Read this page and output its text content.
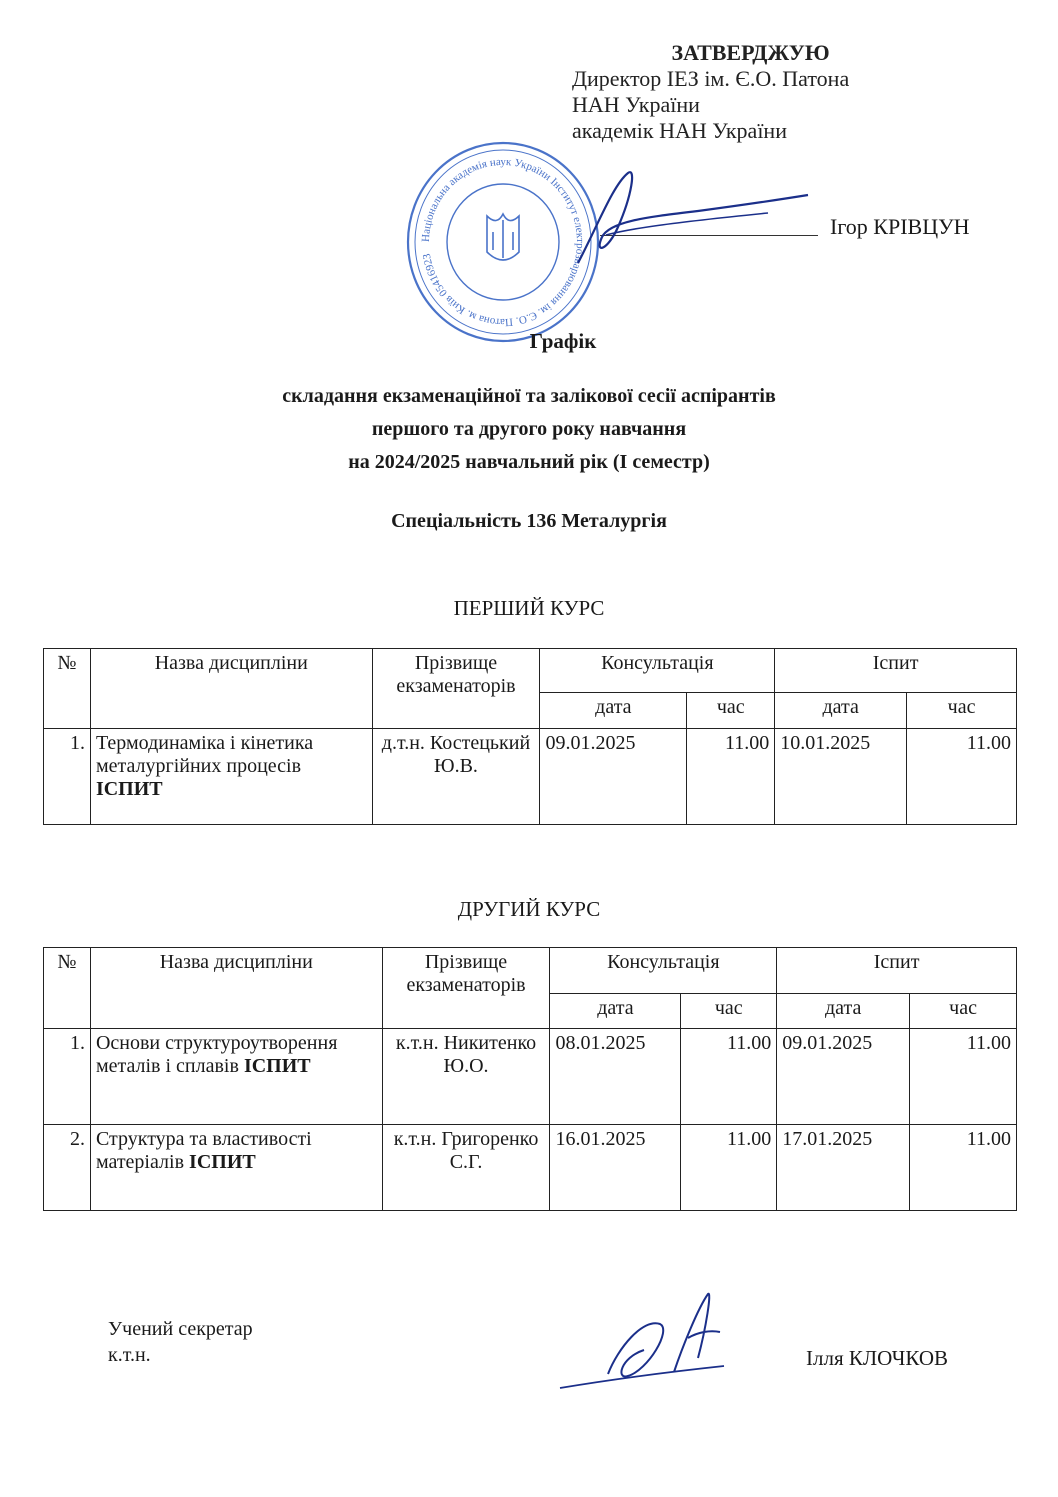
ЗАТВЕРДЖУЮ
Директор ІЕЗ ім. Є.О. Патона
НАН України
академік НАН України
Ігор КРІВЦУН
Національна академія наук України Інститут електрозварювання ім. Є.О. Патона м. Київ 05416923
Графік
складання екзаменаційної та залікової сесії аспірантів
першого та другого року навчання
на 2024/2025 навчальний рік (І семестр)
Спеціальність 136 Металургія
ПЕРШИЙ КУРС
№	Назва дисципліни	Прізвище екзаменаторів	Консультація		Іспит	
			дата	час	дата	час
1.	Термодинаміка і кінетика металургійних процесів ІСПИТ	д.т.н. Костецький Ю.В.	09.01.2025	11.00	10.01.2025	11.00
ДРУГИЙ КУРС
№	Назва дисципліни	Прізвище екзаменаторів	Консультація		Іспит	
			дата	час	дата	час
1.	Основи структуроутворення металів і сплавів ІСПИТ	к.т.н. Никитенко Ю.О.	08.01.2025	11.00	09.01.2025	11.00
2.	Структура та властивості матеріалів ІСПИТ	к.т.н. Григоренко С.Г.	16.01.2025	11.00	17.01.2025	11.00
Учений секретар
к.т.н.	Ілля КЛОЧКОВ
